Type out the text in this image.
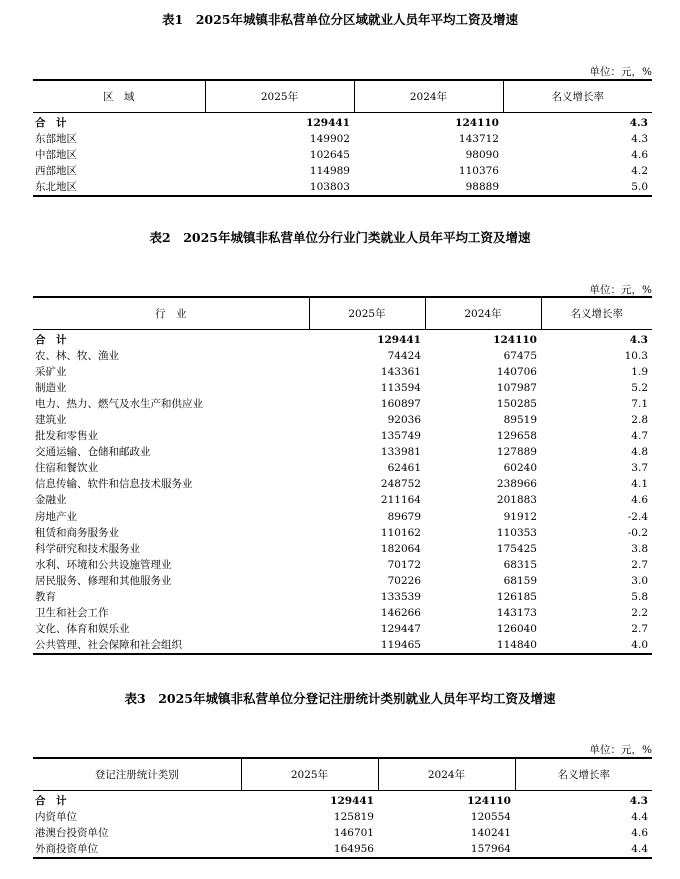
表1　2025年城镇非私营单位分区域就业人员年平均工资及增速
单位：元，%
区　域	2025年	2024年	名义增长率
合　计	129441	124110	4.3
东部地区	149902	143712	4.3
中部地区	102645	98090	4.6
西部地区	114989	110376	4.2
东北地区	103803	98889	5.0
表2　2025年城镇非私营单位分行业门类就业人员年平均工资及增速
单位：元，%
行　业	2025年	2024年	名义增长率
合　计	129441	124110	4.3
农、林、牧、渔业	74424	67475	10.3
采矿业	143361	140706	1.9
制造业	113594	107987	5.2
电力、热力、燃气及水生产和供应业	160897	150285	7.1
建筑业	92036	89519	2.8
批发和零售业	135749	129658	4.7
交通运输、仓储和邮政业	133981	127889	4.8
住宿和餐饮业	62461	60240	3.7
信息传输、软件和信息技术服务业	248752	238966	4.1
金融业	211164	201883	4.6
房地产业	89679	91912	-2.4
租赁和商务服务业	110162	110353	-0.2
科学研究和技术服务业	182064	175425	3.8
水利、环境和公共设施管理业	70172	68315	2.7
居民服务、修理和其他服务业	70226	68159	3.0
教育	133539	126185	5.8
卫生和社会工作	146266	143173	2.2
文化、体育和娱乐业	129447	126040	2.7
公共管理、社会保障和社会组织	119465	114840	4.0
表3　2025年城镇非私营单位分登记注册统计类别就业人员年平均工资及增速
单位：元，%
登记注册统计类别	2025年	2024年	名义增长率
合　计	129441	124110	4.3
内资单位	125819	120554	4.4
港澳台投资单位	146701	140241	4.6
外商投资单位	164956	157964	4.4
